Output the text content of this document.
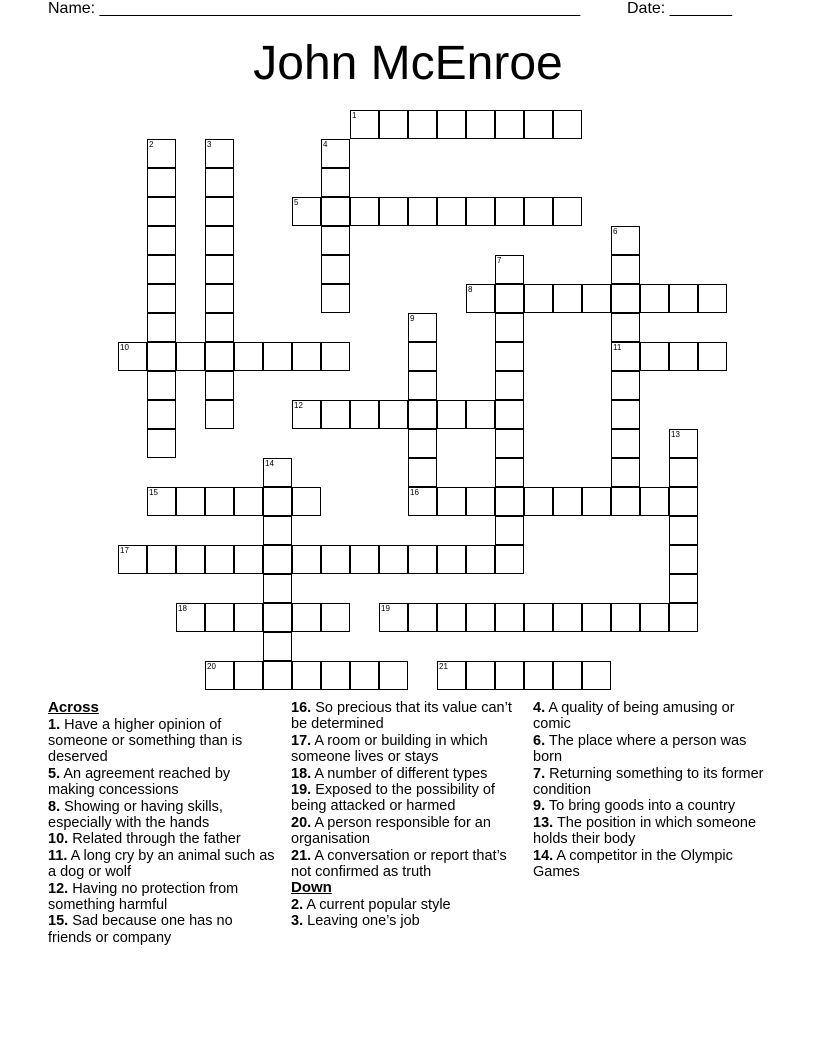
Name: ______________________________________________________	Date: _______
John McEnroe
1
2	3	4
5
6
11
7
8
9
10
12
13
14
15	16
17
18	19
20	21
Across
1. Have a higher opinion of someone or something than is deserved
5. An agreement reached by making concessions
8. Showing or having skills, especially with the hands
10. Related through the father
11. A long cry by an animal such as a dog or wolf
12. Having no protection from something harmful
15. Sad because one has no friends or company
16. So precious that its value can’t be determined
17. A room or building in which someone lives or stays
18. A number of different types
19. Exposed to the possibility of being attacked or harmed
20. A person responsible for an organisation
21. A conversation or report that’s not confirmed as truth
Down
2. A current popular style
3. Leaving one’s job
4. A quality of being amusing or comic
6. The place where a person was born
7. Returning something to its former condition
9. To bring goods into a country
13. The position in which someone holds their body
14. A competitor in the Olympic Games
